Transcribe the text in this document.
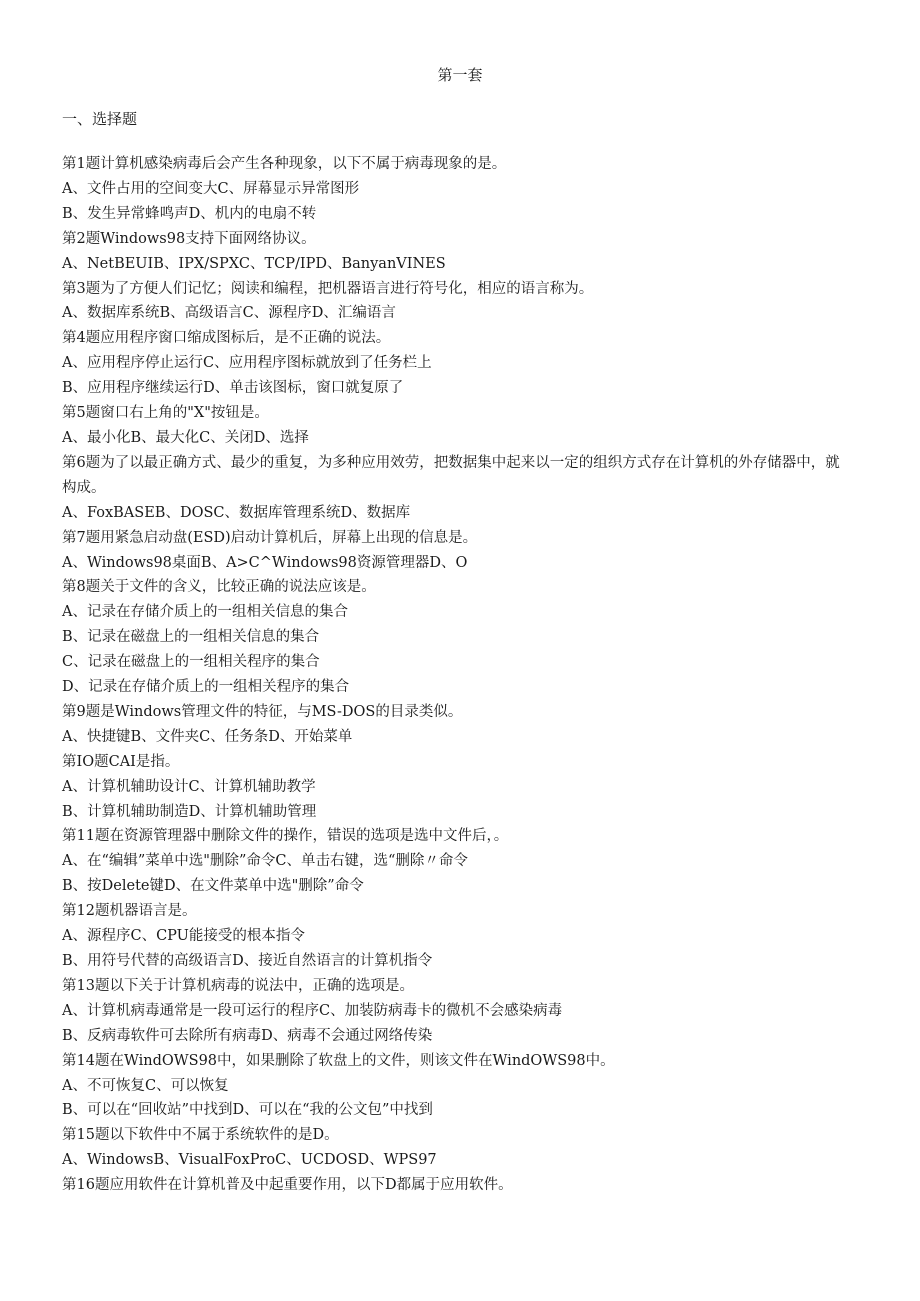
第一套
一、选择题

第1题计算机感染病毒后会产生各种现象，以下不属于病毒现象的是。

A、文件占用的空间变大C、屏幕显示异常图形

B、发生异常蜂鸣声D、机内的电扇不转

第2题Windows98支持下面网络协议。

A、NetBEUIB、IPX/SPXC、TCP/IPD、BanyanVINES

第3题为了方便人们记忆；阅读和编程，把机器语言进行符号化，相应的语言称为。

A、数据库系统B、高级语言C、源程序D、汇编语言

第4题应用程序窗口缩成图标后，是不正确的说法。

A、应用程序停止运行C、应用程序图标就放到了任务栏上

B、应用程序继续运行D、单击该图标，窗口就复原了

第5题窗口右上角的"X"按钮是。

A、最小化B、最大化C、关闭D、选择

第6题为了以最正确方式、最少的重复，为多种应用效劳，把数据集中起来以一定的组织方式存在计算机的外存储器中，就构成。

A、FoxBASEB、DOSC、数据库管理系统D、数据库

第7题用紧急启动盘(ESD)启动计算机后，屏幕上出现的信息是。

A、Windows98桌面B、A>C^Windows98资源管理器D、O

第8题关于文件的含义，比较正确的说法应该是。

A、记录在存储介质上的一组相关信息的集合

B、记录在磁盘上的一组相关信息的集合

C、记录在磁盘上的一组相关程序的集合

D、记录在存储介质上的一组相关程序的集合

第9题是Windows管理文件的特征，与MS-DOS的目录类似。

A、快捷键B、文件夹C、任务条D、开始菜单

第IO题CAI是指。

A、计算机辅助设计C、计算机辅助教学

B、计算机辅助制造D、计算机辅助管理

第11题在资源管理器中删除文件的操作，错误的选项是选中文件后，。

A、在“编辑”菜单中选"删除”命令C、单击右键，选“删除〃命令

B、按Delete键D、在文件菜单中选"删除”命令

第12题机器语言是。

A、源程序C、CPU能接受的根本指令

B、用符号代替的高级语言D、接近自然语言的计算机指令

第13题以下关于计算机病毒的说法中，正确的选项是。

A、计算机病毒通常是一段可运行的程序C、加装防病毒卡的微机不会感染病毒

B、反病毒软件可去除所有病毒D、病毒不会通过网络传染

第14题在WindOWS98中，如果删除了软盘上的文件，则该文件在WindOWS98中。

A、不可恢复C、可以恢复

B、可以在“回收站”中找到D、可以在“我的公文包”中找到

第15题以下软件中不属于系统软件的是D。

A、WindowsB、VisualFoxProC、UCDOSD、WPS97

第16题应用软件在计算机普及中起重要作用，以下D都属于应用软件。
